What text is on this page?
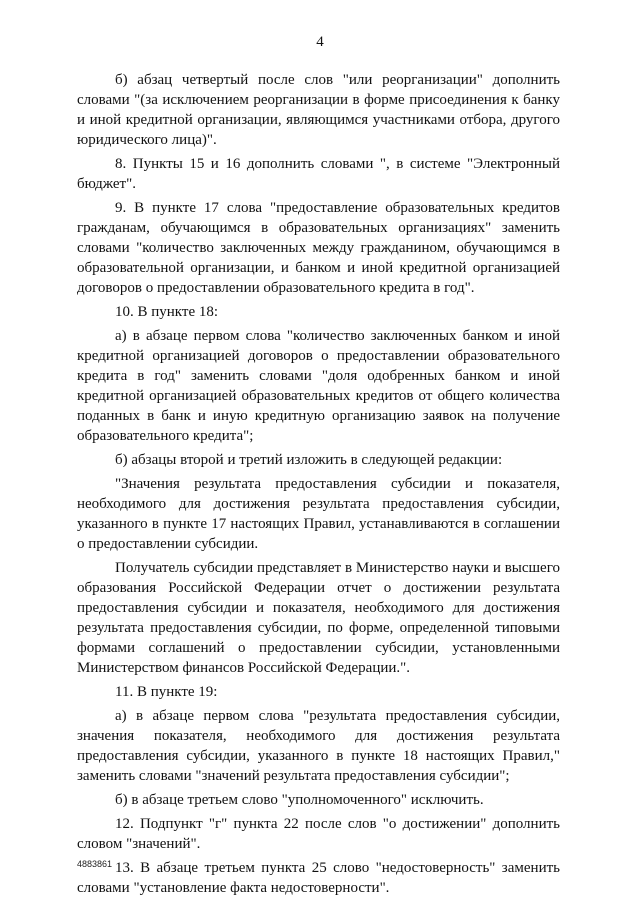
4

б) абзац четвертый после слов "или реорганизации" дополнить словами "(за исключением реорганизации в форме присоединения к банку и иной кредитной организации, являющимся участниками отбора, другого юридического лица)".

8. Пункты 15 и 16 дополнить словами ", в системе "Электронный бюджет".

9. В пункте 17 слова "предоставление образовательных кредитов гражданам, обучающимся в образовательных организациях" заменить словами "количество заключенных между гражданином, обучающимся в образовательной организации, и банком и иной кредитной организацией договоров о предоставлении образовательного кредита в год".

10. В пункте 18:

а) в абзаце первом слова "количество заключенных банком и иной кредитной организацией договоров о предоставлении образовательного кредита в год" заменить словами "доля одобренных банком и иной кредитной организацией образовательных кредитов от общего количества поданных в банк и иную кредитную организацию заявок на получение образовательного кредита";

б) абзацы второй и третий изложить в следующей редакции:

"Значения результата предоставления субсидии и показателя, необходимого для достижения результата предоставления субсидии, указанного в пункте 17 настоящих Правил, устанавливаются в соглашении о предоставлении субсидии.

Получатель субсидии представляет в Министерство науки и высшего образования Российской Федерации отчет о достижении результата предоставления субсидии и показателя, необходимого для достижения результата предоставления субсидии, по форме, определенной типовыми формами соглашений о предоставлении субсидии, установленными Министерством финансов Российской Федерации.".

11. В пункте 19:

а) в абзаце первом слова "результата предоставления субсидии, значения показателя, необходимого для достижения результата предоставления субсидии, указанного в пункте 18 настоящих Правил," заменить словами "значений результата предоставления субсидии";

б) в абзаце третьем слово "уполномоченного" исключить.

12. Подпункт "г" пункта 22 после слов "о достижении" дополнить словом "значений".

13. В абзаце третьем пункта 25 слово "недостоверность" заменить словами "установление факта недостоверности".

4883861
